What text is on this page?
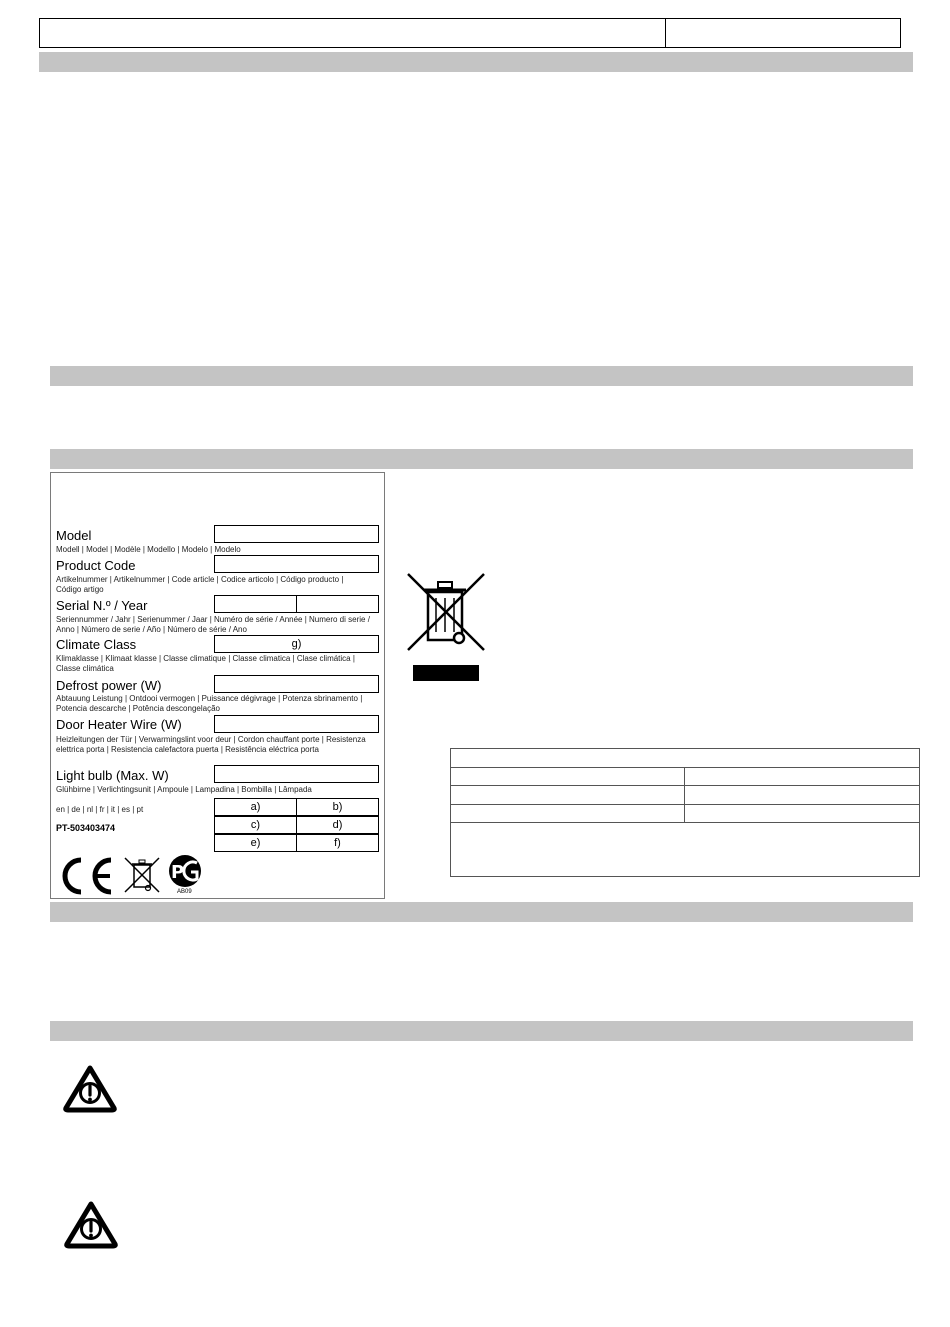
Model
Modell | Model | Modèle | Modello | Modelo | Modelo
Product Code
Artikelnummer | Artikelnummer | Code article | Codice articolo | Código producto | Código artigo
Serial N.º / Year
Seriennummer / Jahr | Serienummer / Jaar | Numéro de série / Année | Numero di serie / Anno | Número de serie / Año | Número de série / Ano
Climate Class	g)
Klimaklasse | Klimaat klasse | Classe climatique | Classe climatica | Clase climática | Classe climática
Defrost power (W)
Abtauung Leistung | Ontdooi vermogen | Puissance dégivrage | Potenza sbrinamento | Potencia descarche | Potência descongelação
Door Heater Wire (W)
Heizleitungen der Tür | Verwarmingslint voor deur | Cordon chauffant porte | Resistenza elettrica porta | Resistencia calefactora puerta | Resistência eléctrica porta
Light bulb (Max. W)
Glühbirne | Verlichtingsunit | Ampoule | Lampadina | Bombilla | Lâmpada
en | de | nl | fr | it | es | pt
PT-503403474
a)	b)
c)	d)
e)	f)
P
AB09
